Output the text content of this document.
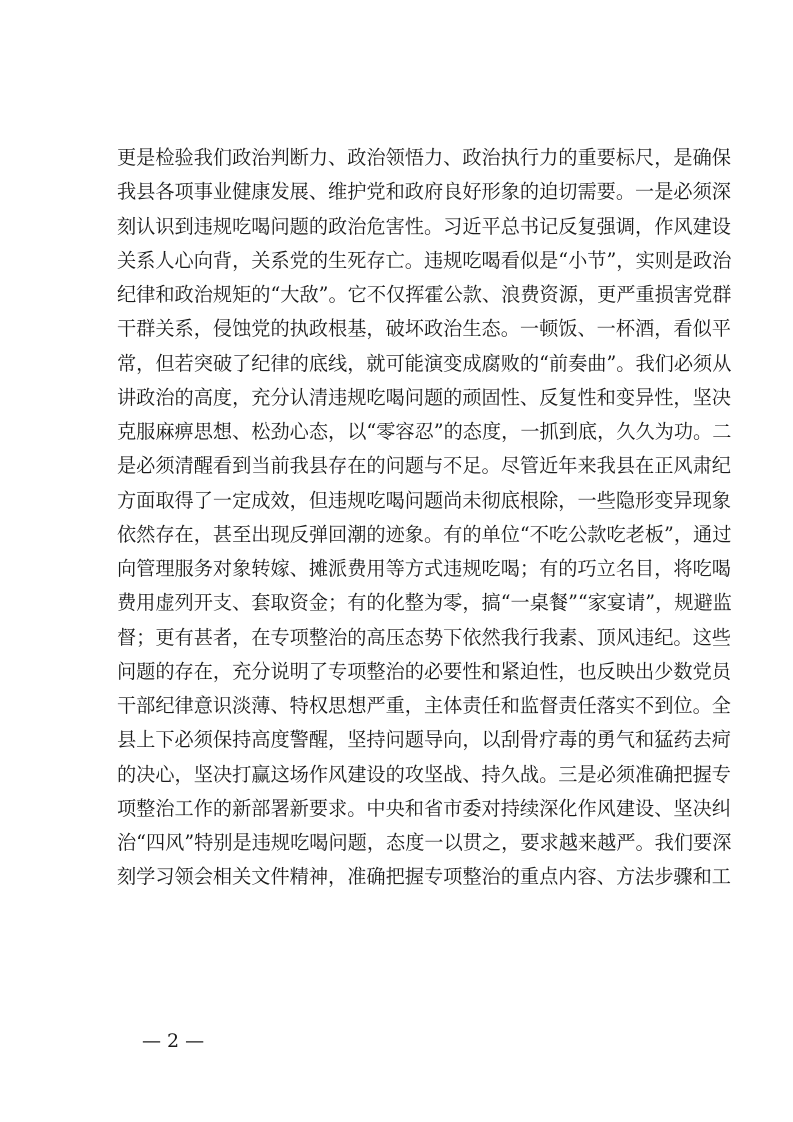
更是检验我们政治判断力、政治领悟力、政治执行力的重要标尺，是确保
我县各项事业健康发展、维护党和政府良好形象的迫切需要。一是必须深
刻认识到违规吃喝问题的政治危害性。习近平总书记反复强调，作风建设
关系人心向背，关系党的生死存亡。违规吃喝看似是“小节”，实则是政治
纪律和政治规矩的“大敌”。它不仅挥霍公款、浪费资源，更严重损害党群
干群关系，侵蚀党的执政根基，破坏政治生态。一顿饭、一杯酒，看似平
常，但若突破了纪律的底线，就可能演变成腐败的“前奏曲”。我们必须从
讲政治的高度，充分认清违规吃喝问题的顽固性、反复性和变异性，坚决
克服麻痹思想、松劲心态，以“零容忍”的态度，一抓到底，久久为功。二
是必须清醒看到当前我县存在的问题与不足。尽管近年来我县在正风肃纪
方面取得了一定成效，但违规吃喝问题尚未彻底根除，一些隐形变异现象
依然存在，甚至出现反弹回潮的迹象。有的单位“不吃公款吃老板”，通过
向管理服务对象转嫁、摊派费用等方式违规吃喝；有的巧立名目，将吃喝
费用虚列开支、套取资金；有的化整为零，搞“一桌餐”“家宴请”，规避监
督；更有甚者，在专项整治的高压态势下依然我行我素、顶风违纪。这些
问题的存在，充分说明了专项整治的必要性和紧迫性，也反映出少数党员
干部纪律意识淡薄、特权思想严重，主体责任和监督责任落实不到位。全
县上下必须保持高度警醒，坚持问题导向，以刮骨疗毒的勇气和猛药去疴
的决心，坚决打赢这场作风建设的攻坚战、持久战。三是必须准确把握专
项整治工作的新部署新要求。中央和省市委对持续深化作风建设、坚决纠
治“四风”特别是违规吃喝问题，态度一以贯之，要求越来越严。我们要深
刻学习领会相关文件精神，准确把握专项整治的重点内容、方法步骤和工
— 2 —
